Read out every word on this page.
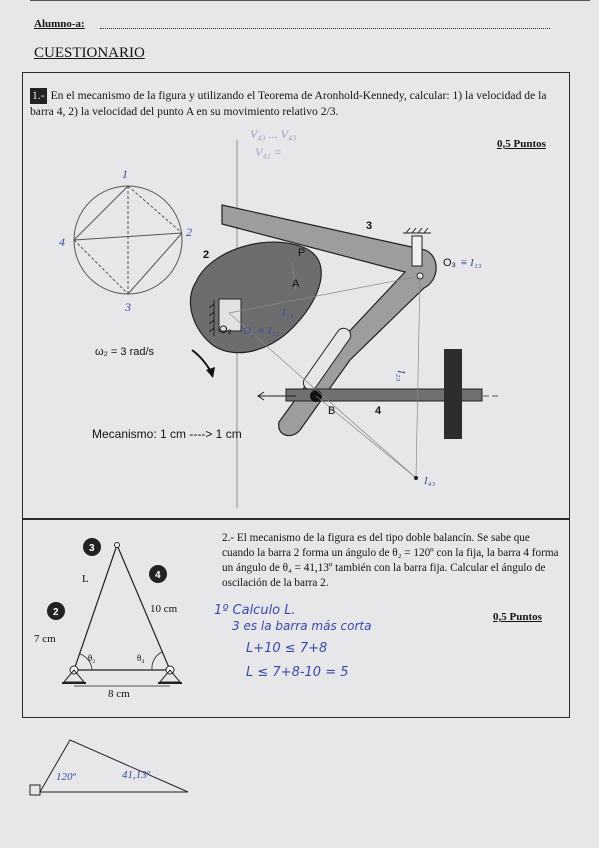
Alumno-a:
CUESTIONARIO
1.- En el mecanismo de la figura y utilizando el Teorema de Aronhold-Kennedy, calcular: 1) la velocidad de la barra 4, 2) la velocidad del punto A en su movimiento relativo 2/3.
0,5 Puntos
V₄₃ ... V₄₃
V₄₁ =
1
2
3
4
2
3
4
P
A
B
O₃
O₂ O₂ ≡ I₁₂
≡ I₁₃
I₁₃
I₄₃
I₂₃
3
4
2
L
10 cm
7 cm
8 cm
θ₂	θ₄
1º Calculo L.
3 es la barra más corta
L+10 ≤ 7+8
L ≤ 7+8-10 = 5
120º	41,13º
ω₂ = 3 rad/s
Mecanismo: 1 cm ----> 1 cm
2.- El mecanismo de la figura es del tipo doble balancín. Se sabe que cuando la barra 2 forma un ángulo de θ₂ = 120º con la fija, la barra 4 forma un ángulo de θ₄ = 41,13º también con la barra fija. Calcular el ángulo de oscilación de la barra 2.
0,5 Puntos
